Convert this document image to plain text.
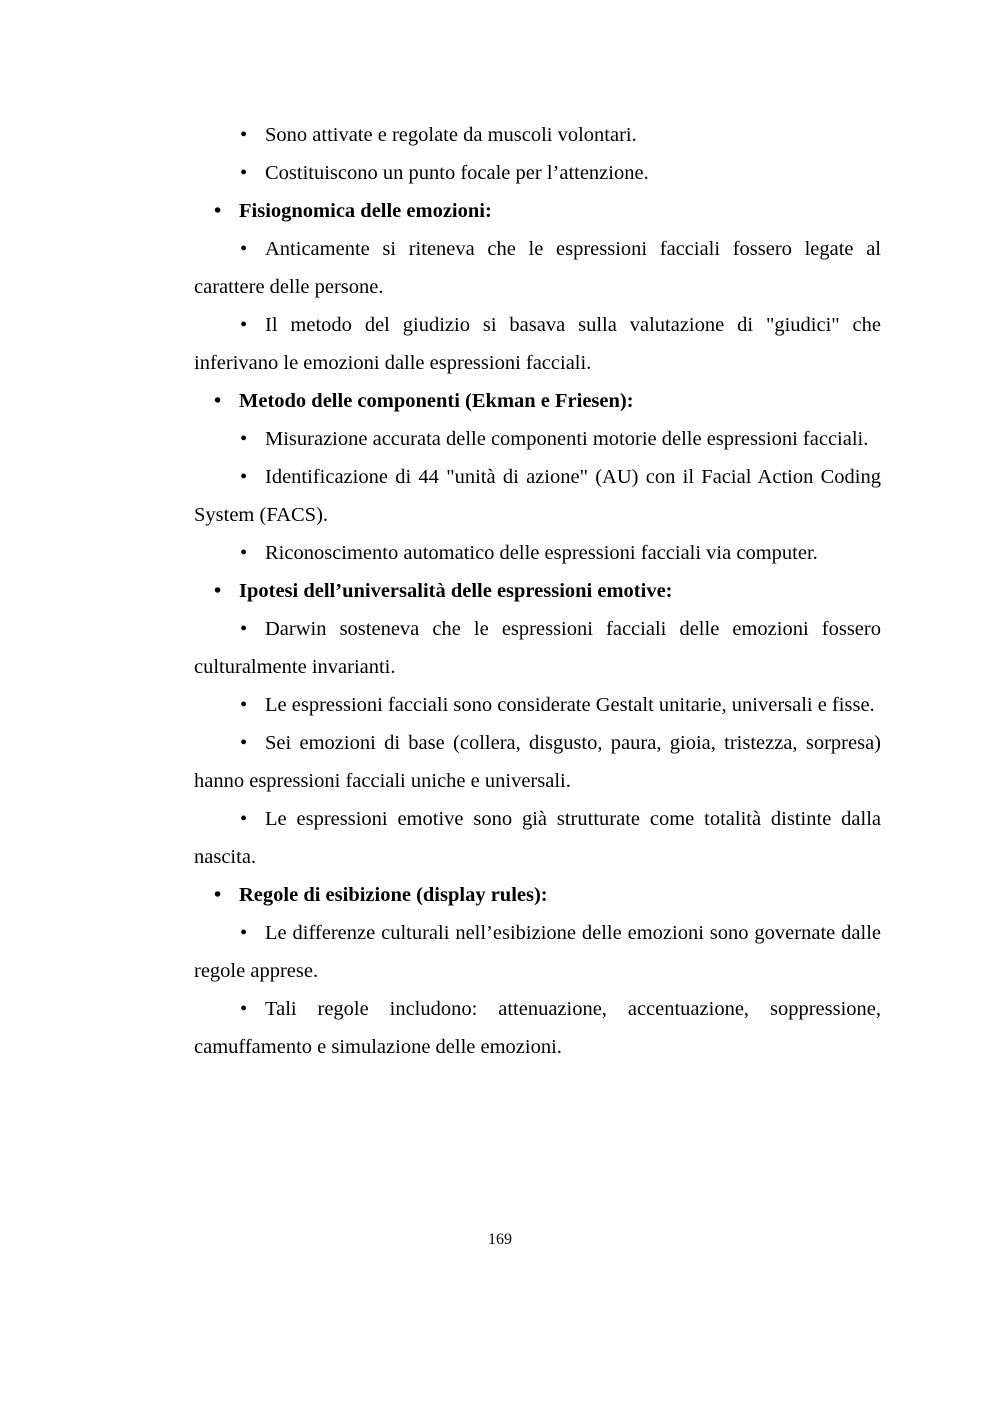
• Sono attivate e regolate da muscoli volontari.

• Costituiscono un punto focale per l’attenzione.

• Fisiognomica delle emozioni:

• Anticamente si riteneva che le espressioni facciali fossero legate al carattere delle persone.

• Il metodo del giudizio si basava sulla valutazione di "giudici" che inferivano le emozioni dalle espressioni facciali.

• Metodo delle componenti (Ekman e Friesen):

• Misurazione accurata delle componenti motorie delle espressioni facciali.

• Identificazione di 44 "unità di azione" (AU) con il Facial Action Coding System (FACS).

• Riconoscimento automatico delle espressioni facciali via computer.

• Ipotesi dell’universalità delle espressioni emotive:

• Darwin sosteneva che le espressioni facciali delle emozioni fossero culturalmente invarianti.

• Le espressioni facciali sono considerate Gestalt unitarie, universali e fisse.

• Sei emozioni di base (collera, disgusto, paura, gioia, tristezza, sorpresa) hanno espressioni facciali uniche e universali.

• Le espressioni emotive sono già strutturate come totalità distinte dalla nascita.

• Regole di esibizione (display rules):

• Le differenze culturali nell’esibizione delle emozioni sono governate dalle regole apprese.

• Tali regole includono: attenuazione, accentuazione, soppressione, camuffamento e simulazione delle emozioni.

169
